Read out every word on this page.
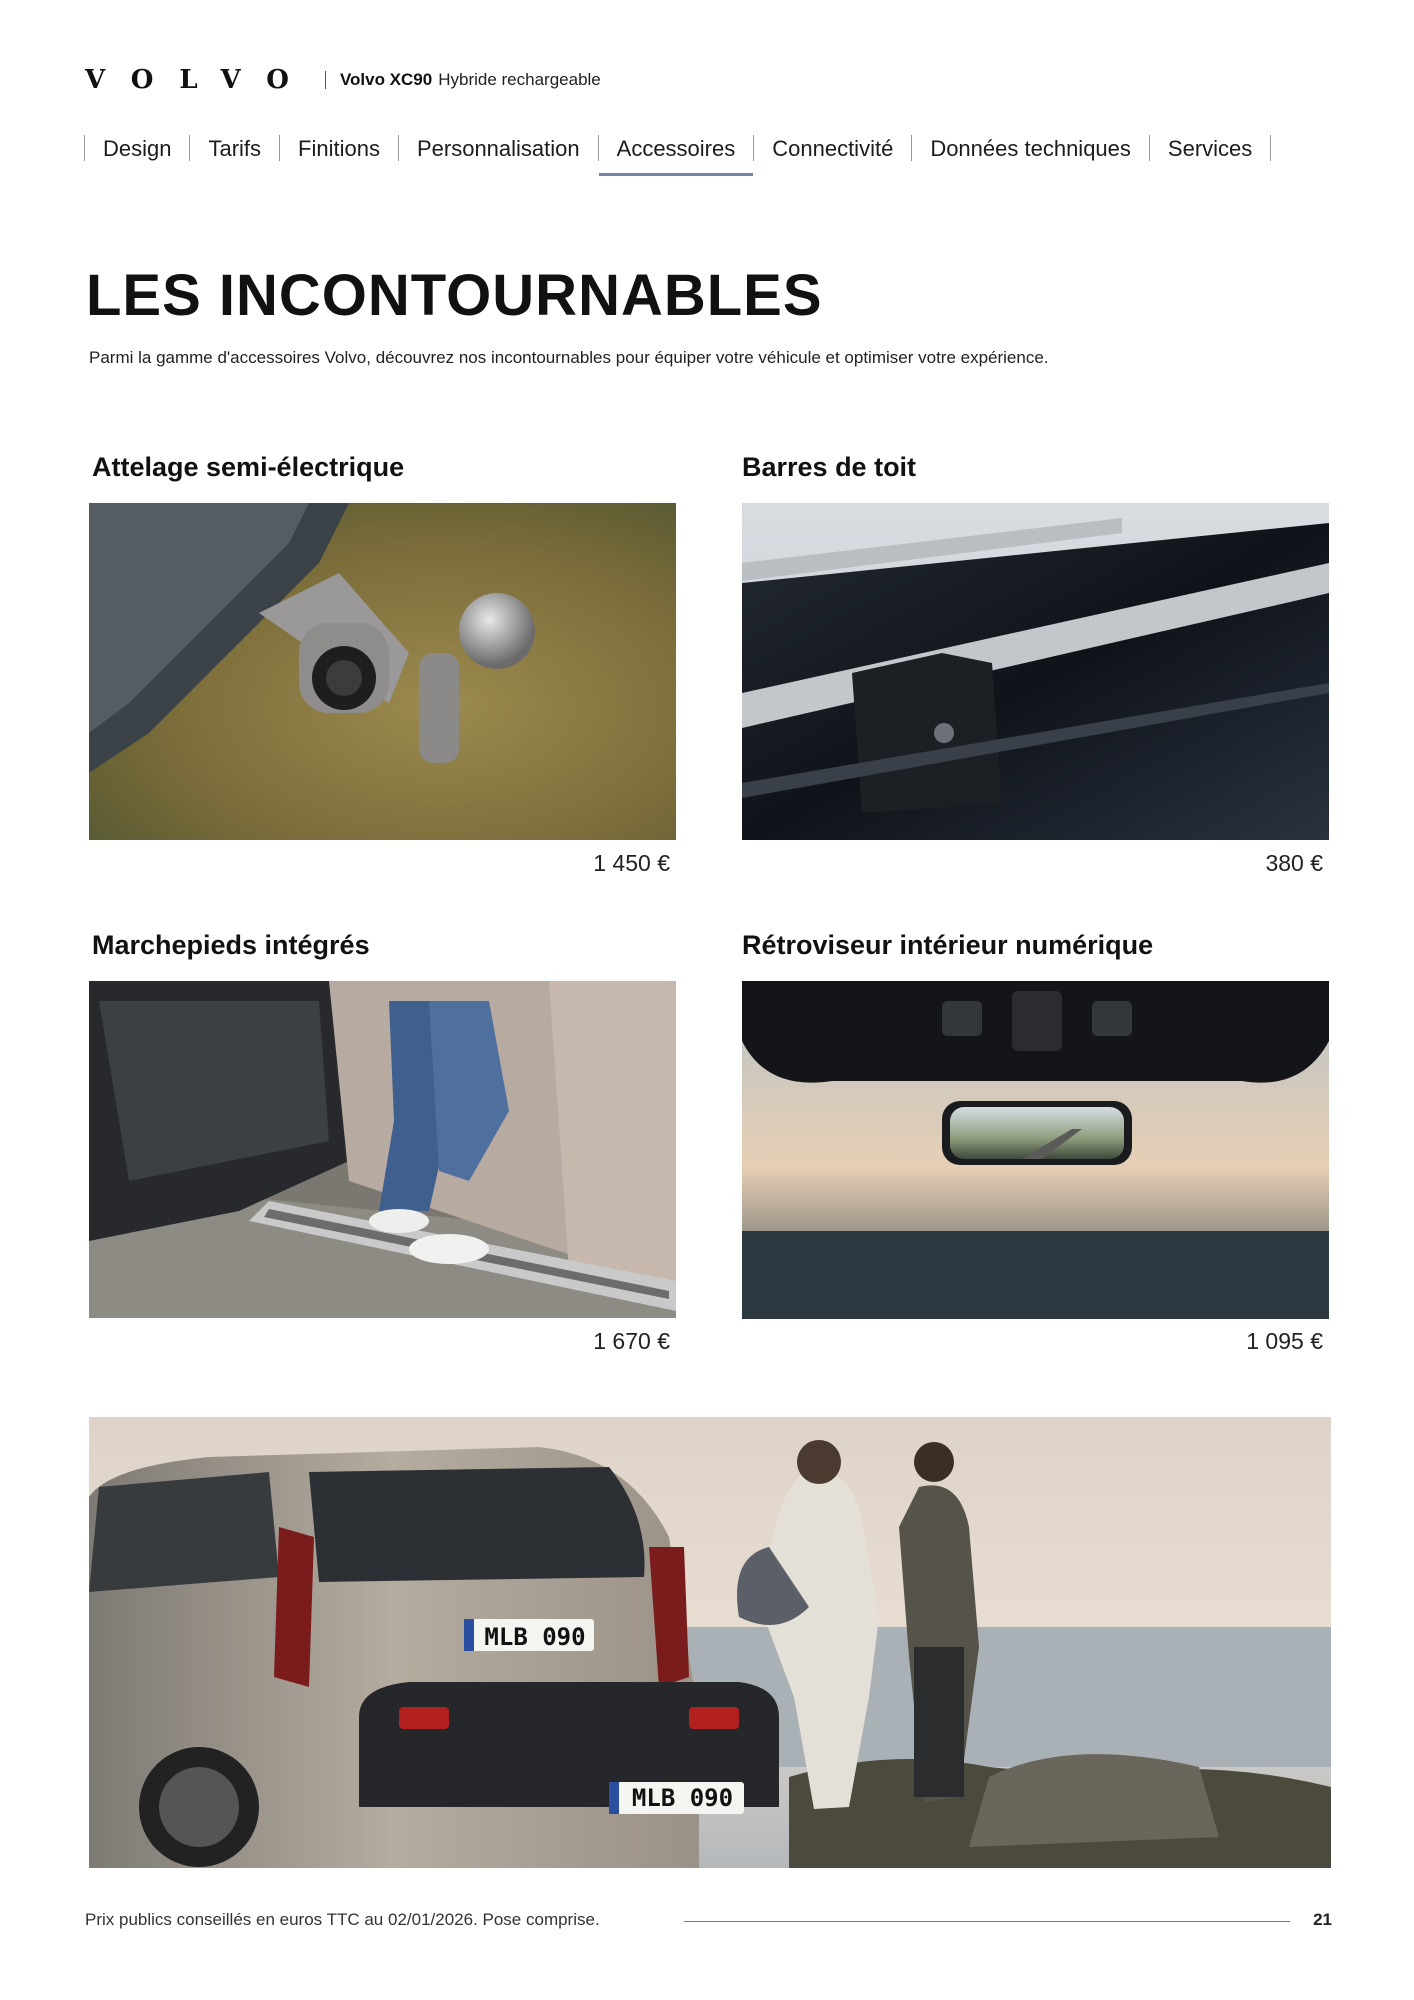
VOLVO Volvo XC90 Hybride rechargeable
Design	Tarifs	Finitions	Personnalisation	Accessoires	Connectivité	Données techniques	Services
LES INCONTOURNABLES

Parmi la gamme d'accessoires Volvo, découvrez nos incontournables pour équiper votre véhicule et optimiser votre expérience.

Attelage semi-électrique
1 450 €
Barres de toit
380 €
Marchepieds intégrés
1 670 €
Rétroviseur intérieur numérique
1 095 €
MLB 090
MLB 090
Prix publics conseillés en euros TTC au 02/01/2026. Pose comprise.	21
